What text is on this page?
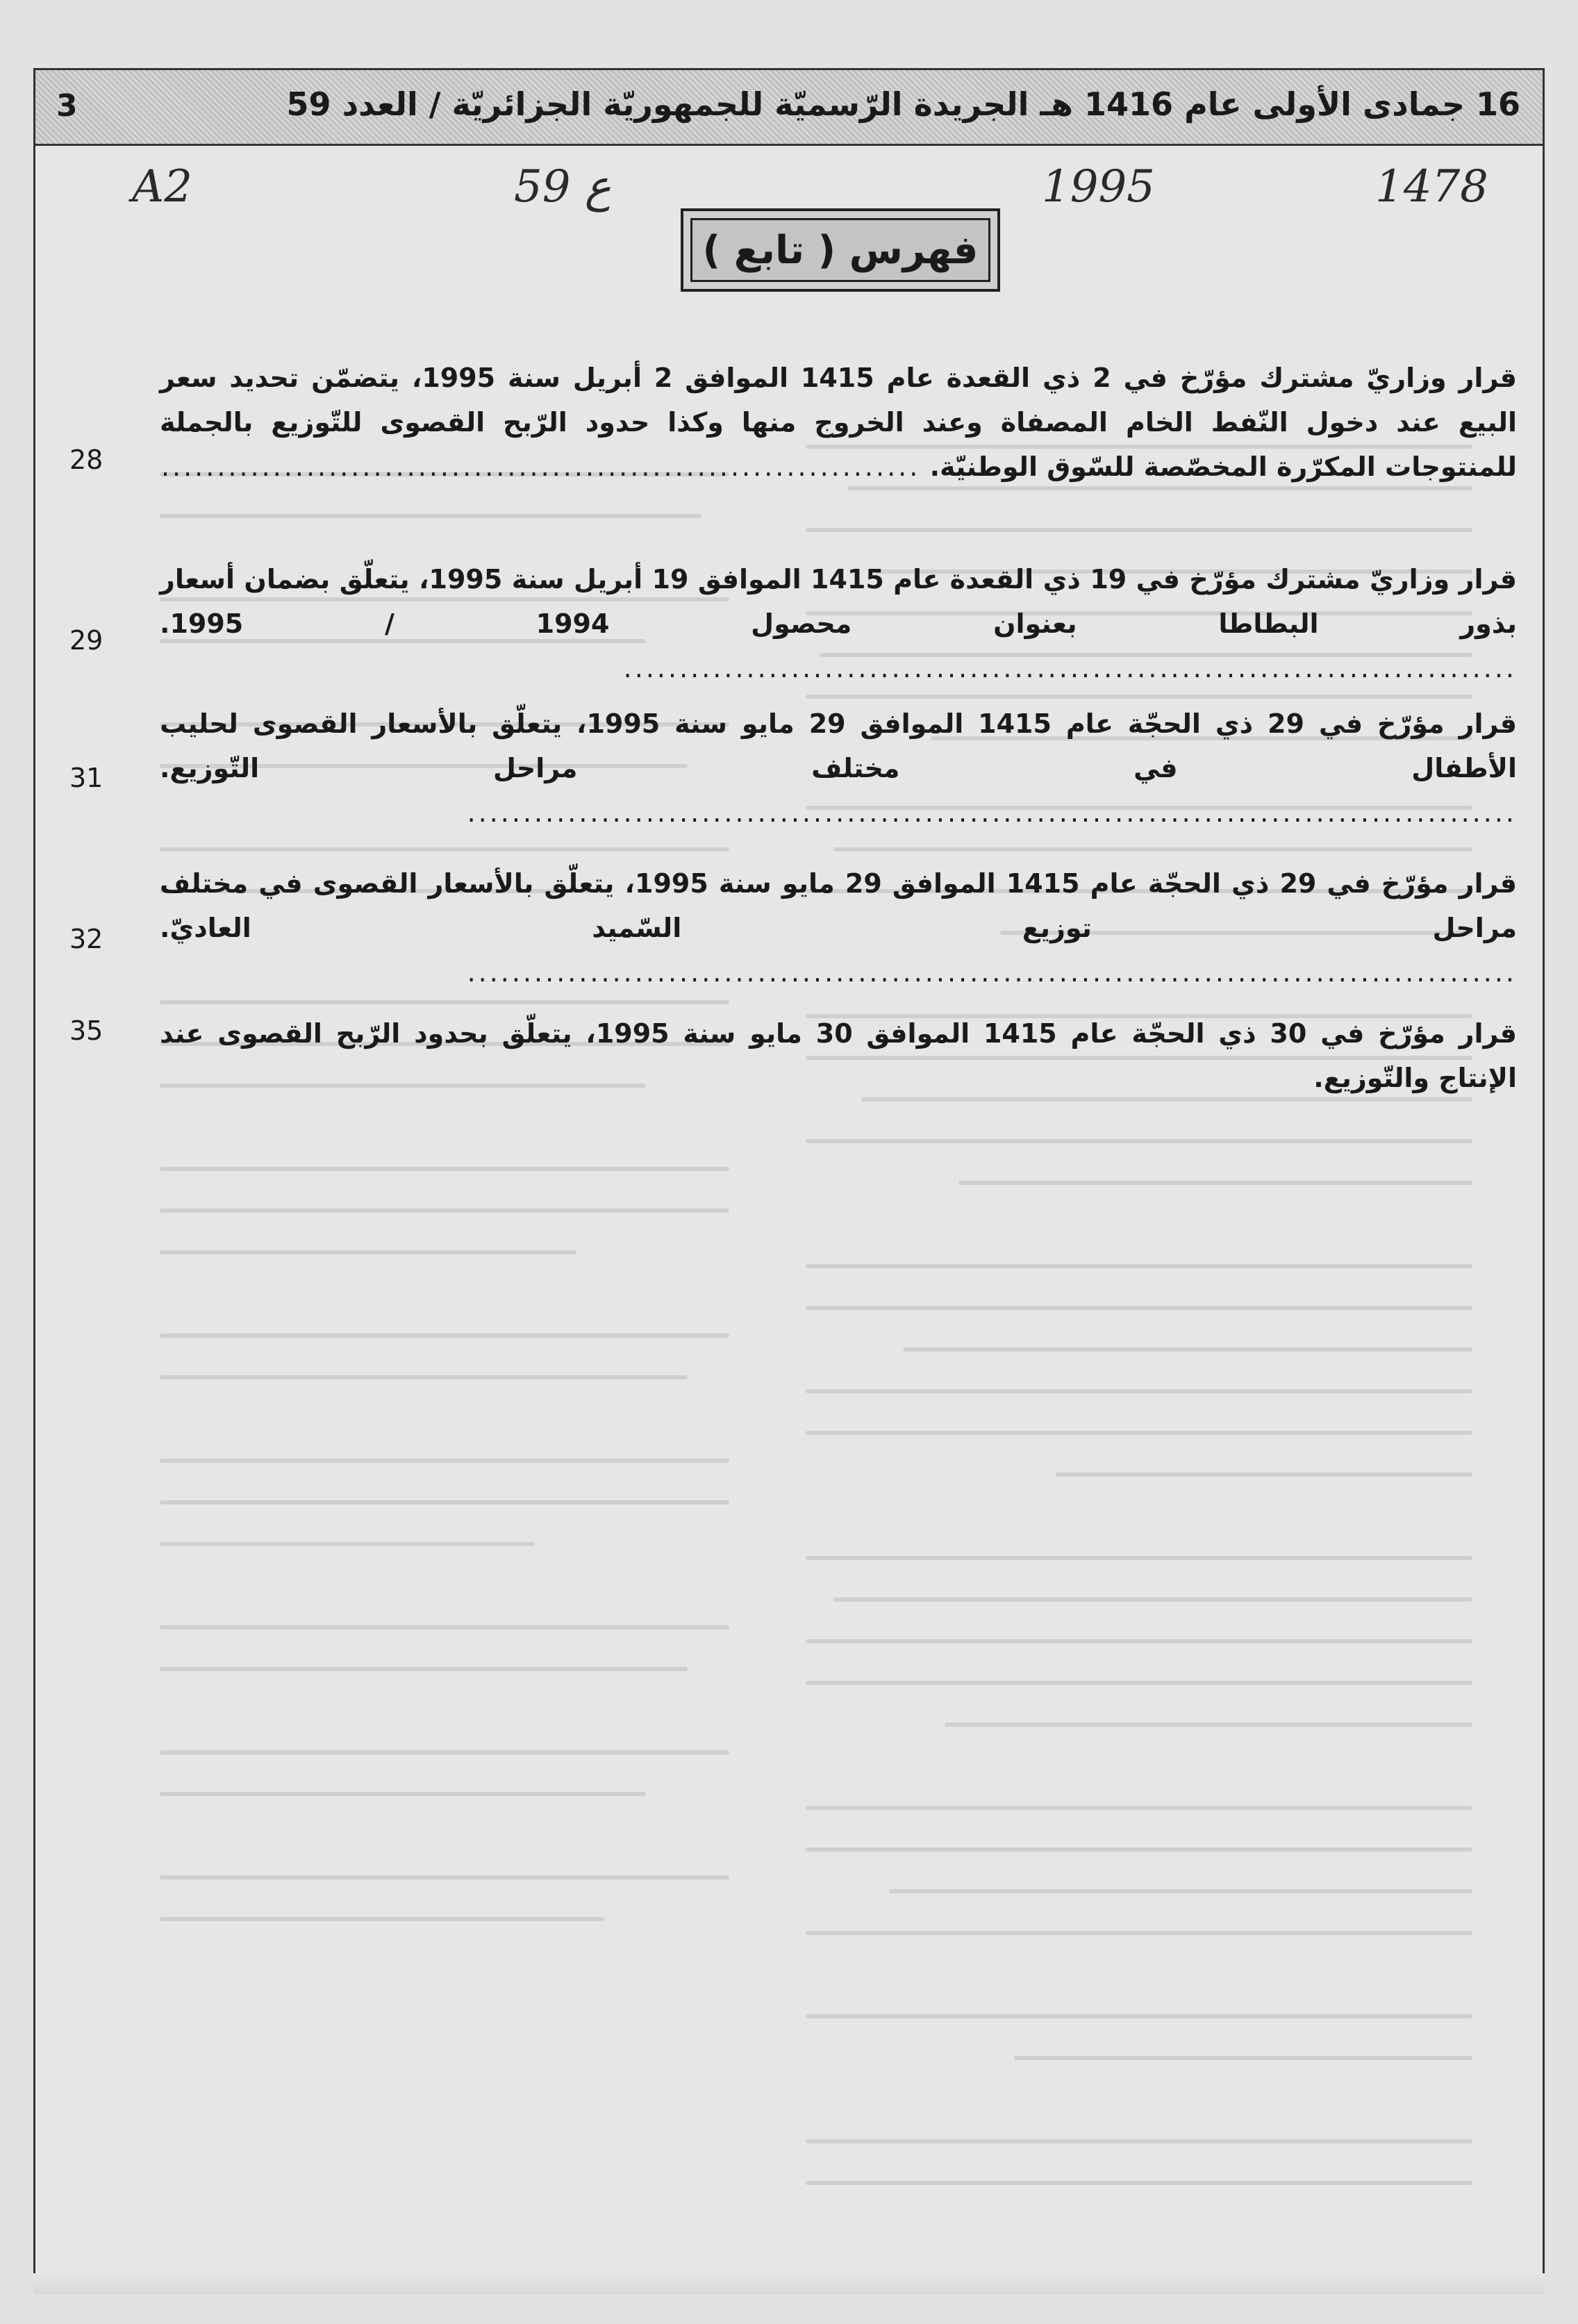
16 جمادى الأولى عام 1416 هـ الجريدة الرّسميّة للجمهوريّة الجزائريّة / العدد 59
3
1478
1995
59 ع
A2
فهرس ( تابع )
قرار وزاريّ مشترك مؤرّخ في 2 ذي القعدة عام 1415 الموافق 2 أبريل سنة 1995، يتضمّن تحديد سعر البيع عند دخول النّفط الخام المصفاة وعند الخروج منها وكذا حدود الرّبح القصوى للتّوزيع بالجملة للمنتوجات المكرّرة المخصّصة للسّوق الوطنيّة. ....................................................................
28
قرار وزاريّ مشترك مؤرّخ في 19 ذي القعدة عام 1415 الموافق 19 أبريل سنة 1995، يتعلّق بضمان أسعار بذور البطاطا بعنوان محصول 1994 / 1995. ................................................................................
29
قرار مؤرّخ في 29 ذي الحجّة عام 1415 الموافق 29 مايو سنة 1995، يتعلّق بالأسعار القصوى لحليب الأطفال في مختلف مراحل التّوزيع. ..............................................................................................
31
قرار مؤرّخ في 29 ذي الحجّة عام 1415 الموافق 29 مايو سنة 1995، يتعلّق بالأسعار القصوى في مختلف مراحل توزيع السّميد العاديّ. ..............................................................................................
32
قرار مؤرّخ في 30 ذي الحجّة عام 1415 الموافق 30 مايو سنة 1995، يتعلّق بحدود الرّبح القصوى عند الإنتاج والتّوزيع.
35
